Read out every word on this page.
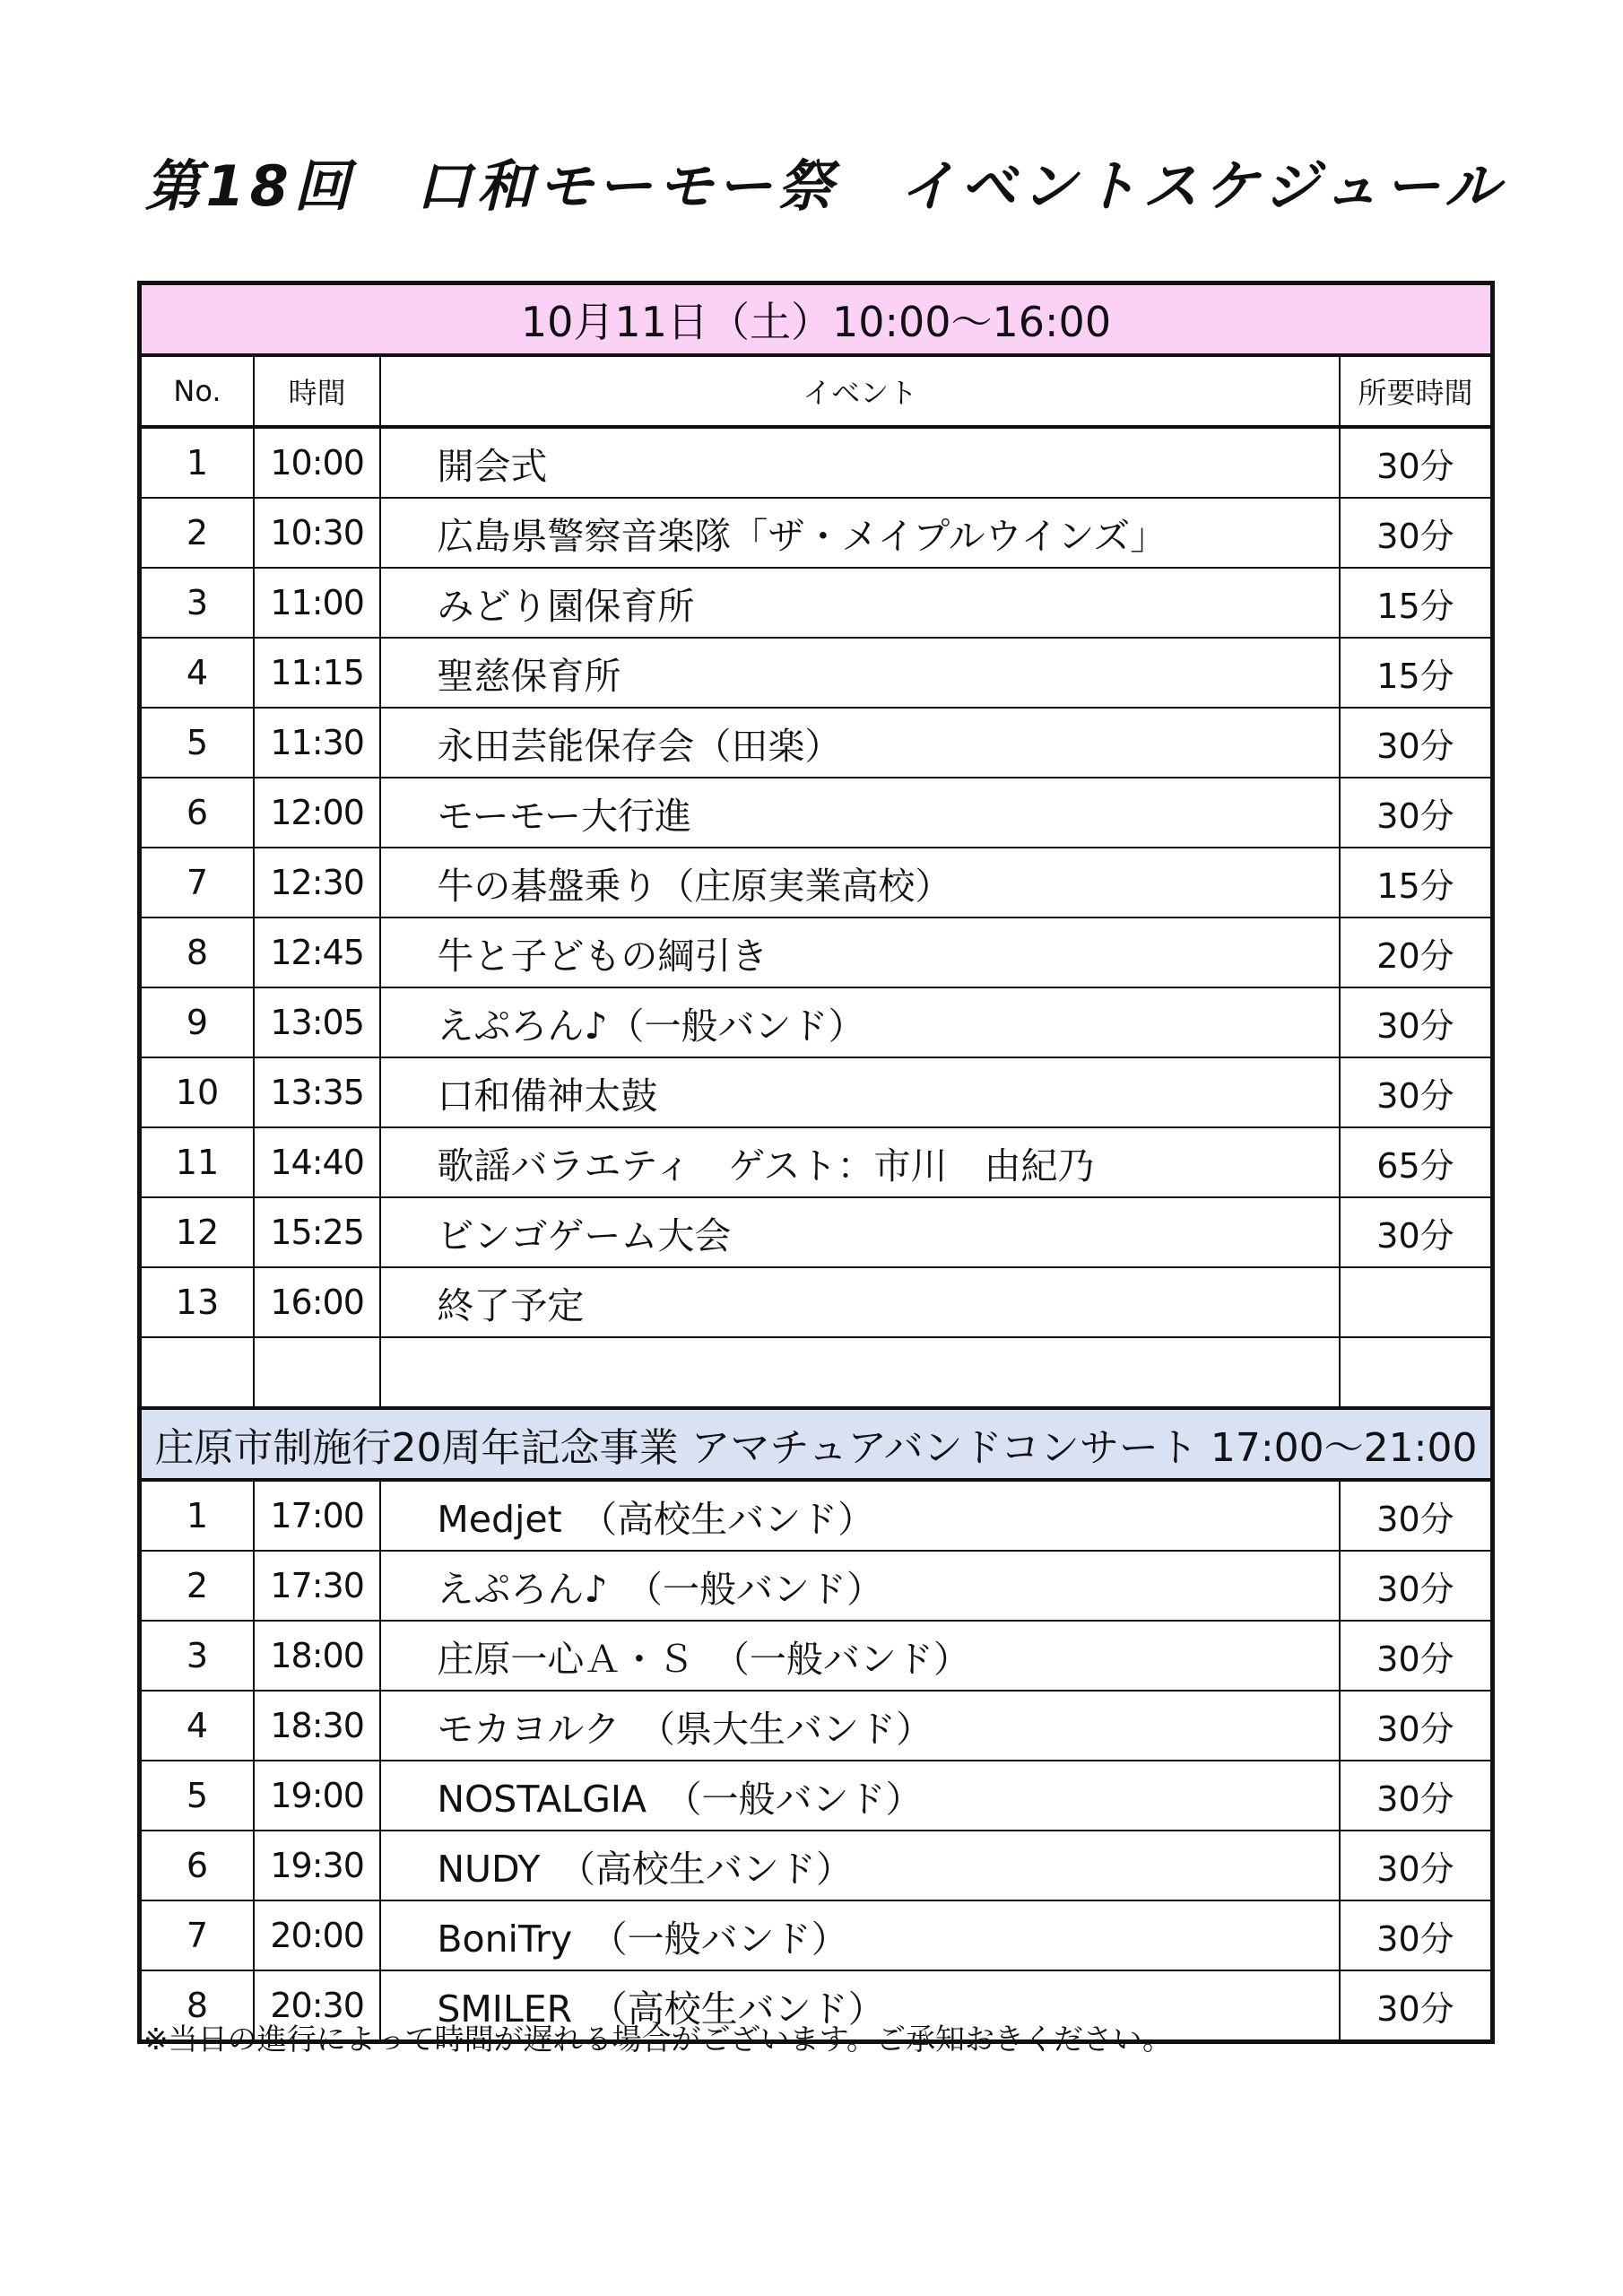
第18回　口和モーモー祭　イベントスケジュール
10月11日（土）10:00～16:00			
No.	時間	イベント	所要時間
1	10:00	開会式	30分
2	10:30	広島県警察音楽隊「ザ・メイプルウインズ」	30分
3	11:00	みどり園保育所	15分
4	11:15	聖慈保育所	15分
5	11:30	永田芸能保存会（田楽）	30分
6	12:00	モーモー大行進	30分
7	12:30	牛の碁盤乗り（庄原実業高校）	15分
8	12:45	牛と子どもの綱引き	20分
9	13:05	えぷろん♪（一般バンド）	30分
10	13:35	口和備神太鼓	30分
11	14:40	歌謡バラエティ　ゲスト：市川　由紀乃	65分
12	15:25	ビンゴゲーム大会	30分
13	16:00	終了予定	

庄原市制施行20周年記念事業 アマチュアバンドコンサート 17:00～21:00			
1	17:00	Medjet　（高校生バンド）	30分
2	17:30	えぷろん♪　（一般バンド）	30分
3	18:00	庄原一心Ａ・Ｓ　（一般バンド）	30分
4	18:30	モカヨルク　（県大生バンド）	30分
5	19:00	NOSTALGIA　（一般バンド）	30分
6	19:30	NUDY　（高校生バンド）	30分
7	20:00	BoniTry　（一般バンド）	30分
8	20:30	SMILER　（高校生バンド）	30分
※当日の進行によって時間が遅れる場合がございます。ご承知おきください。
